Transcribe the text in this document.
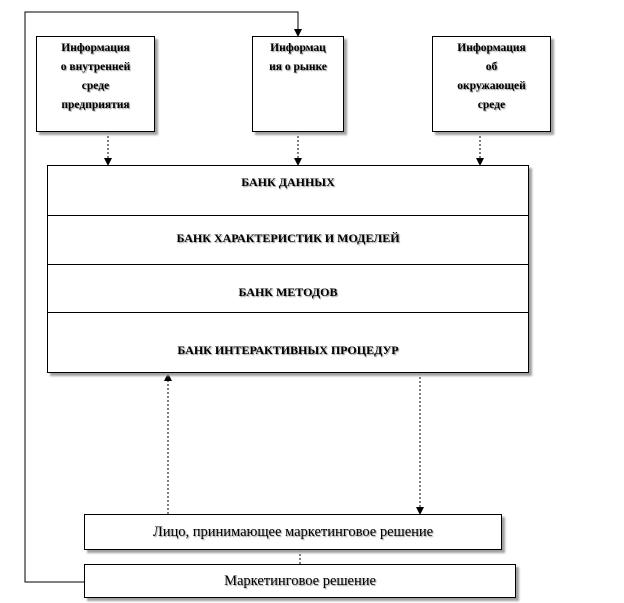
Информация
о внутренней
среде
предприятия
Информац
ия о рынке
Информация
об
окружающей
среде
БАНК ДАННЫХ
БАНК ХАРАКТЕРИСТИК И МОДЕЛЕЙ
БАНК МЕТОДОВ
БАНК ИНТЕРАКТИВНЫХ ПРОЦЕДУР
Лицо, принимающее маркетинговое решение
Маркетинговое решение
